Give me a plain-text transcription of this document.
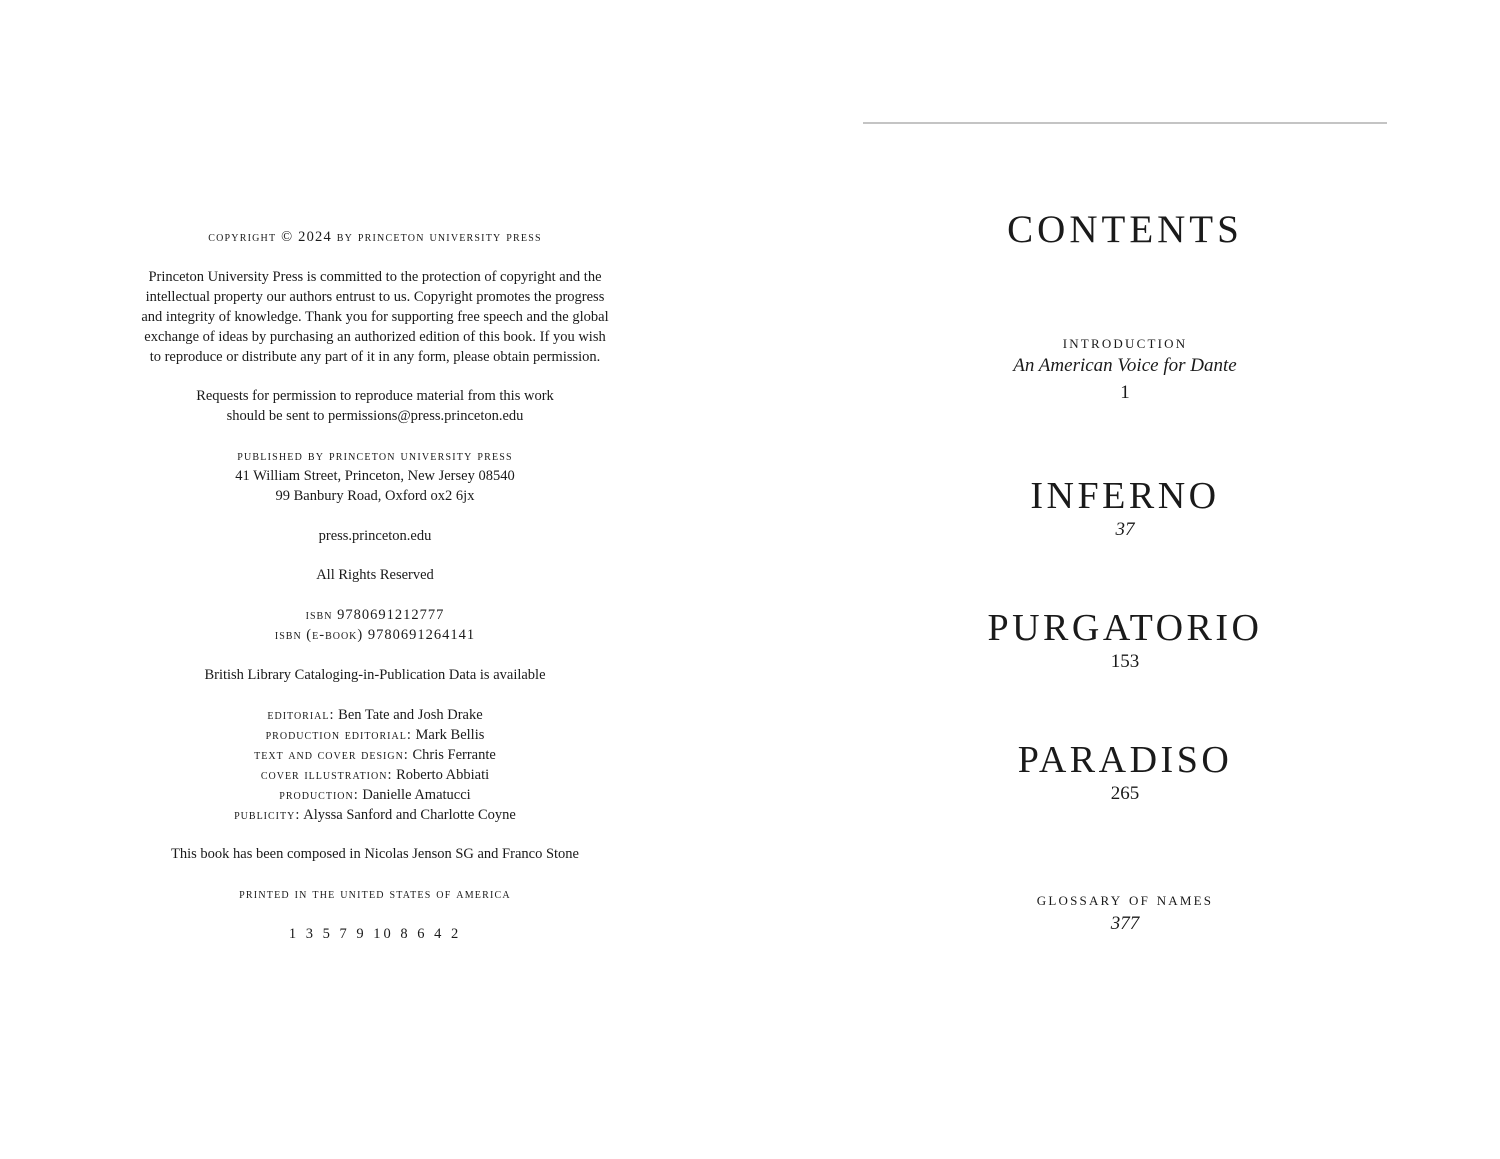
copyright © 2024 by princeton university press
Princeton University Press is committed to the protection of copyright and the
intellectual property our authors entrust to us. Copyright promotes the progress
and integrity of knowledge. Thank you for supporting free speech and the global
exchange of ideas by purchasing an authorized edition of this book. If you wish
to reproduce or distribute any part of it in any form, please obtain permission.
Requests for permission to reproduce material from this work
should be sent to permissions@press.princeton.edu
published by princeton university press
41 William Street, Princeton, New Jersey 08540
99 Banbury Road, Oxford ox2 6jx
press.princeton.edu
All Rights Reserved
isbn 9780691212777
isbn (e-book) 9780691264141
British Library Cataloging-in-Publication Data is available
editorial: Ben Tate and Josh Drake
production editorial: Mark Bellis
text and cover design: Chris Ferrante
cover illustration: Roberto Abbiati
production: Danielle Amatucci
publicity: Alyssa Sanford and Charlotte Coyne
This book has been composed in Nicolas Jenson SG and Franco Stone
printed in the united states of america
1 3 5 7 9 10 8 6 4 2
CONTENTS
introduction
An American Voice for Dante
1
INFERNO
37
PURGATORIO
153
PARADISO
265
glossary of names
377
